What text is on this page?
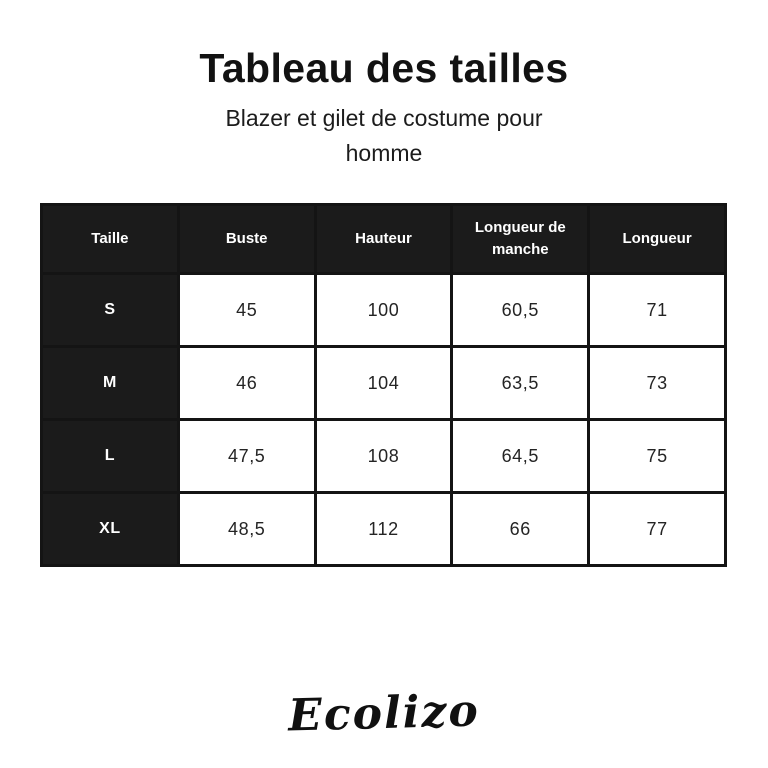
Tableau des tailles

Blazer et gilet de costume pour homme

Taille	Buste	Hauteur	Longueur de manche	Longueur
S	45	100	60,5	71
M	46	104	63,5	73
L	47,5	108	64,5	75
XL	48,5	112	66	77
Ecolizo
